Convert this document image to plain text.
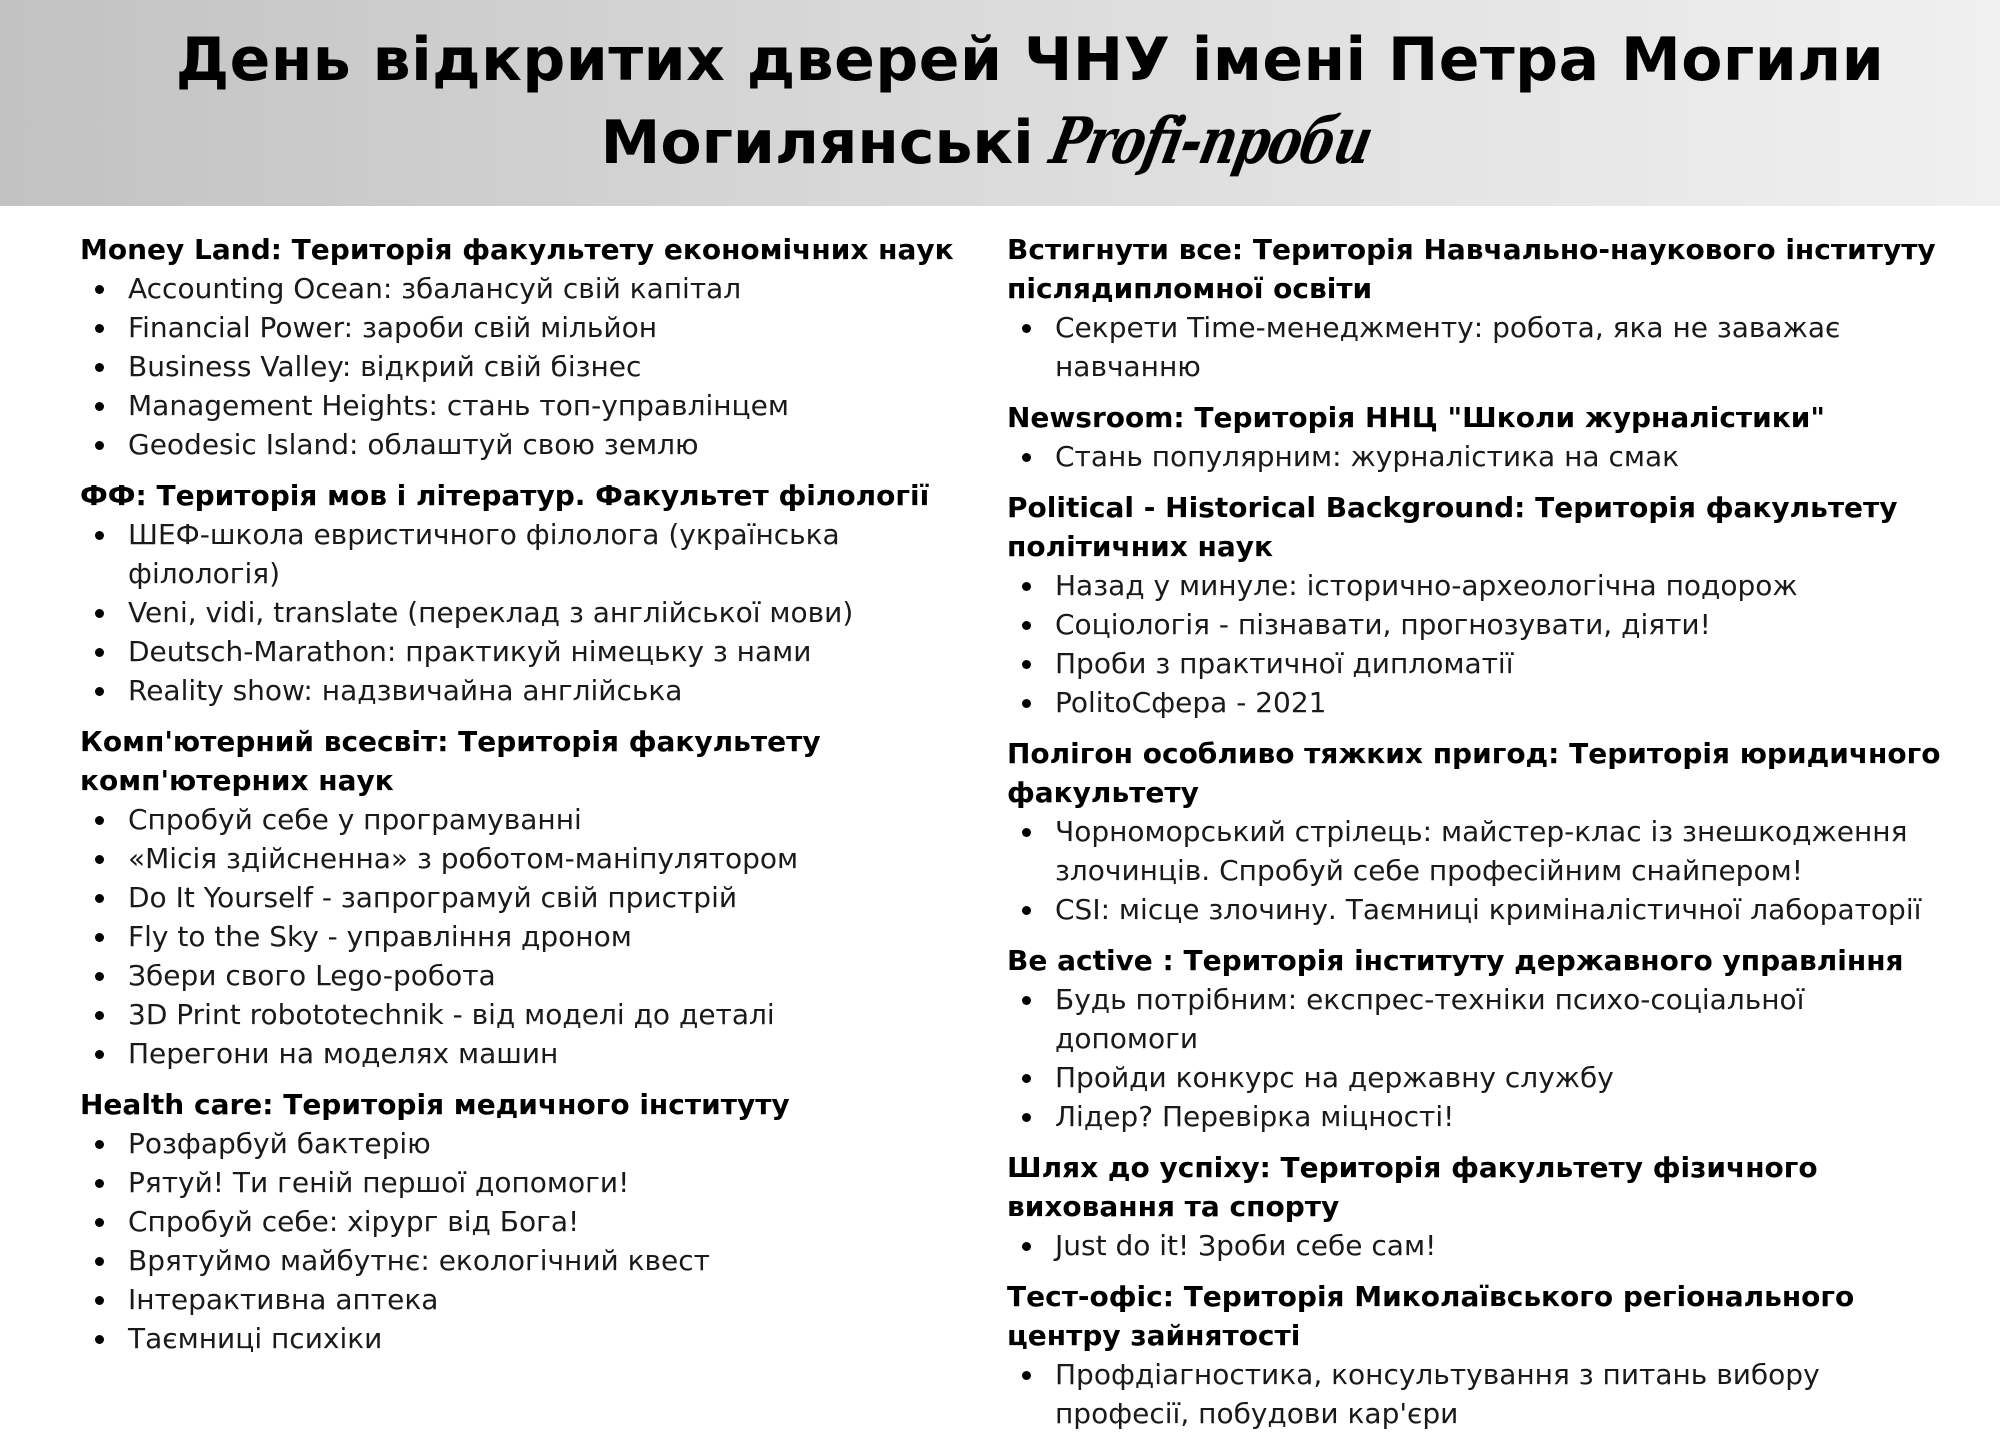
День відкритих дверей ЧНУ імені Петра Могили
Могилянські Profi-проби
Money Land: Територія факультету економічних наук
Accounting Ocean: збалансуй свій капітал
Financial Power: зароби свій мільйон
Business Valley: відкрий свій бізнес
Management Heights: стань топ-управлінцем
Geodesic Island: облаштуй свою землю
ФФ: Територія мов і літератур. Факультет філології
ШЕФ-школа евристичного філолога (українська філологія)
Veni, vidi, translate (переклад з англійської мови)
Deutsch-Marathon: практикуй німецьку з нами
Reality show: надзвичайна англійська
Комп'ютерний всесвіт: Територія факультету комп'ютерних наук
Спробуй себе у програмуванні
«Місія здійсненна» з роботом-маніпулятором
Do It Yourself - запрограмуй свій пристрій
Fly to the Sky - управління дроном
Збери свого Lego-робота
3D Print robotot​echnik - від моделі до деталі
Перегони на моделях машин
Health care: Територія медичного інституту
Розфарбуй бактерію
Рятуй! Ти геній першої допомоги!
Спробуй себе: хірург від Бога!
Врятуймо майбутнє: екологічний квест
Інтерактивна аптека
Таємниці психіки
Встигнути все: Територія Навчально-наукового інституту післядипломної освіти
Секрети Time-менеджменту: робота, яка не заважає навчанню
Newsroom: Територія ННЦ "Школи журналістики"
Стань популярним: журналістика на смак
Political - Historical Background: Територія факультету політичних наук
Назад у минуле: історично-археологічна подорож
Соціологія - пізнавати, прогнозувати, діяти!
Проби з практичної дипломатії
PolitoСфера - 2021
Полігон особливо тяжких пригод: Територія юридичного факультету
Чорноморський стрілець: майстер-клас із знешкодження злочинців. Спробуй себе професійним снайпером!
CSI: місце злочину. Таємниці криміналістичної лабораторії
Be active : Територія інституту державного управління
Будь потрібним: експрес-техніки психо-соціальної допомоги
Пройди конкурс на державну службу
Лідер? Перевірка міцності!
Шлях до успіху: Територія факультету фізичного виховання та спорту
Just do it! Зроби себе сам!
Тест-офіс: Територія Миколаївського регіонального центру зайнятості
Профдіагностика, консультування з питань вибору професії, побудови кар'єри
